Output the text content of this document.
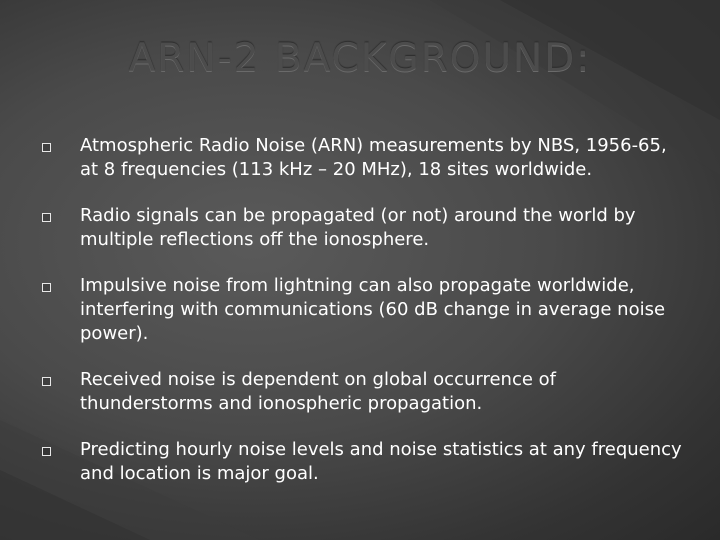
ARN-2 BACKGROUND:
Atmospheric Radio Noise (ARN) measurements by NBS, 1956-65, at 8 frequencies (113 kHz – 20 MHz), 18 sites worldwide.
Radio signals can be propagated (or not) around the world by multiple reflections off the ionosphere.
Impulsive noise from lightning can also propagate worldwide, interfering with communications (60 dB change in average noise power).
Received noise is dependent on global occurrence of thunderstorms and ionospheric propagation.
Predicting hourly noise levels and noise statistics at any frequency and location is major goal.
